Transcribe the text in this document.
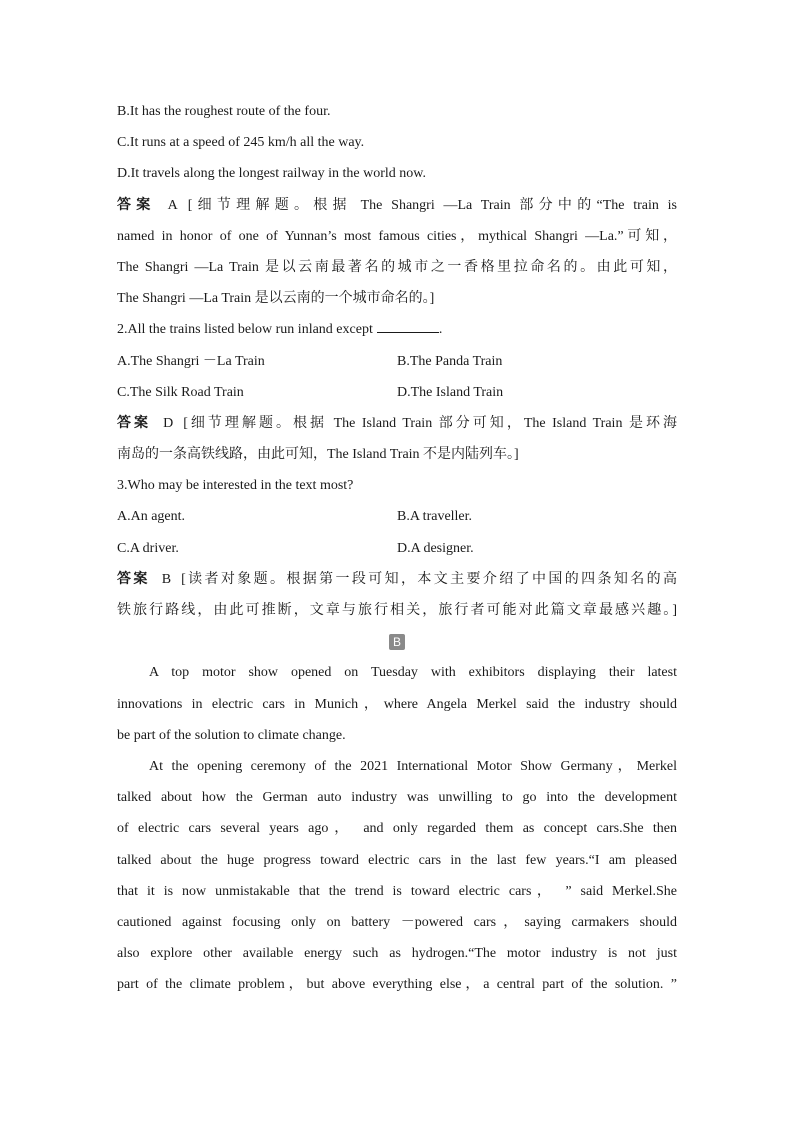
B.It has the roughest route of the four.
C.It runs at a speed of 245 km/h all the way.
D.It travels along the longest railway in the world now.
答案 A [细节理解题。根据 The Shangri —La Train 部分中的“The train is
named in honor of one of Yunnan’s most famous cities，mythical Shangri —La.”可知，
The Shangri —La Train 是以云南最著名的城市之一香格里拉命名的。由此可知，
The Shangri —La Train 是以云南的一个城市命名的。]
2.All the trains listed below run inland except	.
A.The Shangri －La Train	B.The Panda Train
C.The Silk Road Train	D.The Island Train
答案 D [细节理解题。根据 The Island Train 部分可知，The Island Train 是环海
南岛的一条高铁线路，由此可知，The Island Train 不是内陆列车。]
3.Who may be interested in the text most?
A.An agent.	B.A traveller.
C.A driver.	D.A designer.
答案 B [读者对象题。根据第一段可知，本文主要介绍了中国的四条知名的高
铁旅行路线，由此可推断，文章与旅行相关，旅行者可能对此篇文章最感兴趣。]
B
A top motor show opened on Tuesday with exhibitors displaying their latest
innovations in electric cars in Munich，where Angela Merkel said the industry should
be part of the solution to climate change.
At the opening ceremony of the 2021 International Motor Show Germany，Merkel
talked about how the German auto industry was unwilling to go into the development
of electric cars several years ago， and only regarded them as concept cars.She then
talked about the huge progress toward electric cars in the last few years.“I am pleased
that it is now unmistakable that the trend is toward electric cars， ” said Merkel.She
cautioned against focusing only on battery －powered cars，saying carmakers should
also explore other available energy such as hydrogen.“The motor industry is not just
part of the climate problem，but above everything else，a central part of the solution. ”
